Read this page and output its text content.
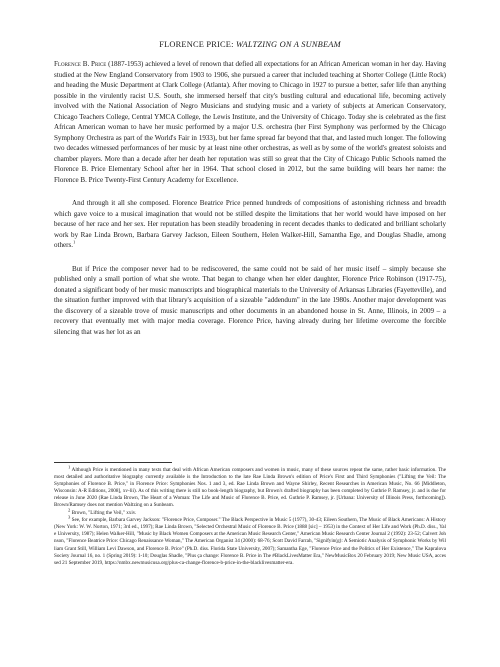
FLORENCE PRICE: WALTZING ON A SUNBEAM

Florence B. Price (1887-1953) achieved a level of renown that defied all expectations for an African American woman in her day. Having studied at the New England Conservatory from 1903 to 1906, she pursued a career that included teaching at Shorter College (Little Rock) and heading the Music Department at Clark College (Atlanta). After moving to Chicago in 1927 to pursue a better, safer life than anything possible in the virulently racist U.S. South, she immersed herself that city's bustling cultural and educational life, becoming actively involved with the National Association of Negro Musicians and studying music and a variety of subjects at American Conservatory, Chicago Teachers College, Central YMCA College, the Lewis Institute, and the University of Chicago. Today she is celebrated as the first African American woman to have her music performed by a major U.S. orchestra (her First Symphony was performed by the Chicago Symphony Orchestra as part of the World's Fair in 1933), but her fame spread far beyond that that, and lasted much longer. The following two decades witnessed performances of her music by at least nine other orchestras, as well as by some of the world's greatest soloists and chamber players. More than a decade after her death her reputation was still so great that the City of Chicago Public Schools named the Florence B. Price Elementary School after her in 1964. That school closed in 2012, but the same building will bears her name: the Florence B. Price Twenty-First Century Academy for Excellence.

And through it all she composed. Florence Beatrice Price penned hundreds of compositions of astonishing richness and breadth which gave voice to a musical imagination that would not be stilled despite the limitations that her world would have imposed on her because of her race and her sex. Her reputation has been steadily broadening in recent decades thanks to dedicated and brilliant scholarly work by Rae Linda Brown, Barbara Garvey Jackson, Eileen Southern, Helen Walker-Hill, Samantha Ege, and Douglas Shadle, among others.$^1$

But if Price the composer never had to be rediscovered, the same could not be said of her music itself – simply because she published only a small portion of what she wrote. That began to change when her elder daughter, Florence Price Robinson (1917-75), donated a significant body of her music manuscripts and biographical materials to the University of Arkansas Libraries (Fayetteville), and the situation further improved with that library's acquisition of a sizeable "addendum" in the late 1980s. Another major development was the discovery of a sizeable trove of music manuscripts and other documents in an abandoned house in St. Anne, Illinois, in 2009 – a recovery that eventually met with major media coverage. Florence Price, having already during her lifetime overcome the forcible silencing that was her lot as an

$^1$ Although Price is mentioned in many texts that deal with African American composers and women in music, many of these sources repeat the same, rather basic information. The most detailed and authoritative biography currently available is the Introduction to the late Rae Linda Brown's edition of Price's First and Third Symphonies ("Lifting the Veil: The Symphonies of Florence B. Price," in Florence Price: Symphonies Nos. 1 and 3, ed. Rae Linda Brown and Wayne Shirley, Recent Researches in American Music, No. 66 [Middleton, Wisconsin: A-R Editions, 2008], xv-lii). As of this writing there is still no book-length biography, but Brown's drafted biography has been completed by Guthrie P. Ramsey, jr. and is due for release in June 2020 (Rae Linda Brown, The Heart of a Woman: The Life and Music of Florence B. Price, ed. Guthrie P. Ramsey, jr. [Urbana: University of Illinois Press, forthcoming]). Brown/Ramsey does not mention Waltzing on a Sunbeam.

$^2$ Brown, "Lifting the Veil," xxiv.

$^3$ See, for example, Barbara Garvey Jackson: "Florence Price, Composer." The Black Perspective in Music 5 (1977), 30-43; Eileen Southern, The Music of Black Americans: A History (New York: W. W. Norton, 1971; 3rd ed., 1997); Rae Linda Brown, "Selected Orchestral Music of Florence B. Price (1888 [sic] – 1953) in the Context of Her Life and Work (Ph.D. diss., Yale University, 1987); Helen Walker-Hill, "Music by Black Women Composers at the American Music Research Center," American Music Research Center Journal 2 (1992): 23-52; Calvert Johnson, "Florence Beatrice Price: Chicago Renaissance Woman," The American Organist 34 (2000): 68-76; Scott David Farrah, "Signifyin(g): A Semiotic Analysis of Symphonic Works by William Grant Still, William Levi Dawson, and Florence B. Price" (Ph.D. diss. Florida State University, 2007); Samantha Ege, "Florence Price and the Politics of Her Existence," The Kapralova Society Journal 16, no. 1 (Spring 2019): 1-10; Douglas Shadle, "Plus ça change: Florence B. Price in The #BlackLivesMatter Era," NewMusicBox 20 February 2019; New Music USA, accessed 21 September 2019, https://nmbx.newmusicusa.org/plus-ca-change-florence-b-price-in-the-blacklivesmatter-era.
